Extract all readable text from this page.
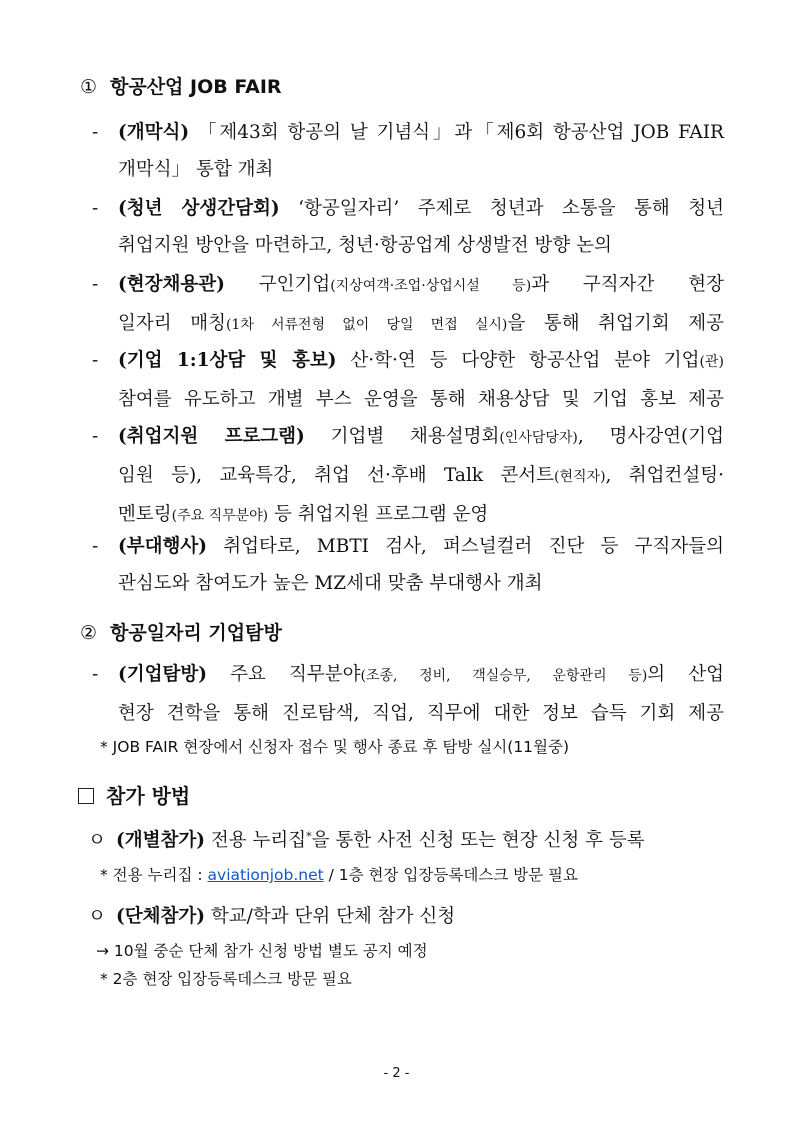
① 항공산업 JOB FAIR
-	(개막식) 「제43회 항공의 날 기념식」과「제6회 항공산업 JOB FAIR
개막식」 통합 개최
-	(청년 상생간담회) ‘항공일자리’ 주제로 청년과 소통을 통해 청년
취업지원 방안을 마련하고, 청년·항공업계 상생발전 방향 논의
-	(현장채용관) 구인기업(지상여객·조업·상업시설 등)과 구직자간 현장
일자리 매칭(1차 서류전형 없이 당일 면접 실시)을 통해 취업기회 제공
-	(기업 1:1상담 및 홍보) 산·학·연 등 다양한 항공산업 분야 기업(관)
참여를 유도하고 개별 부스 운영을 통해 채용상담 및 기업 홍보 제공
-	(취업지원 프로그램) 기업별 채용설명회(인사담당자), 명사강연(기업
임원 등), 교육특강, 취업 선·후배 Talk 콘서트(현직자), 취업컨설팅·
멘토링(주요 직무분야) 등 취업지원 프로그램 운영
-	(부대행사) 취업타로, MBTI 검사, 퍼스널컬러 진단 등 구직자들의
관심도와 참여도가 높은 MZ세대 맞춤 부대행사 개최
② 항공일자리 기업탐방
-	(기업탐방) 주요 직무분야(조종, 정비, 객실승무, 운항관리 등)의 산업
현장 견학을 통해 진로탐색, 직업, 직무에 대한 정보 습득 기회 제공
* JOB FAIR 현장에서 신청자 접수 및 행사 종료 후 탐방 실시(11월중)
참가 방법
ㅇ (개별참가) 전용 누리집*을 통한 사전 신청 또는 현장 신청 후 등록
* 전용 누리집 : aviationjob.net / 1층 현장 입장등록데스크 방문 필요
ㅇ (단체참가) 학교/학과 단위 단체 참가 신청
→ 10월 중순 단체 참가 신청 방법 별도 공지 예정
* 2층 현장 입장등록데스크 방문 필요
- 2 -
